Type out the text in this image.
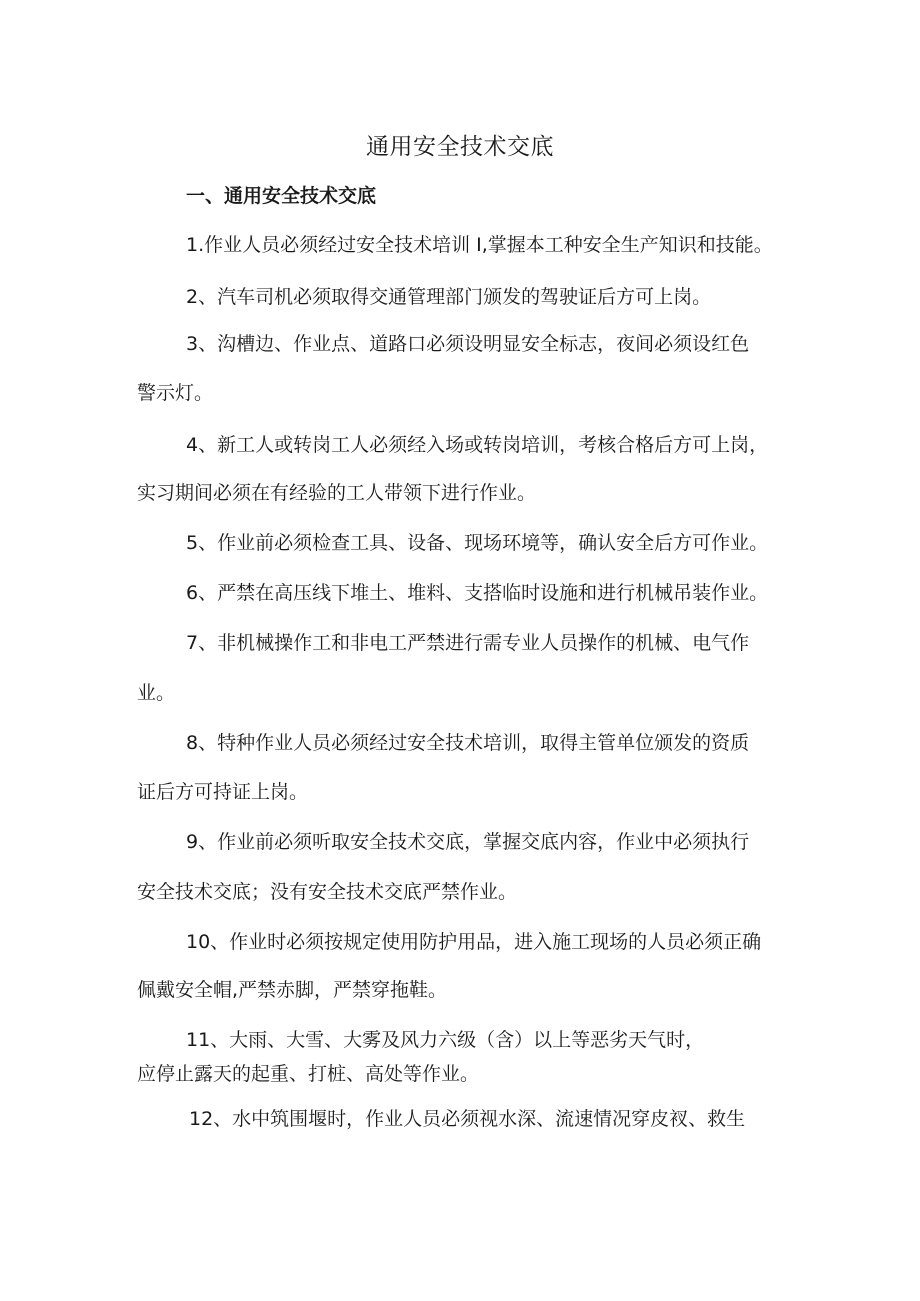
通用安全技术交底
一、通用安全技术交底
1.作业人员必须经过安全技术培训 I,掌握本工种安全生产知识和技能。
2、汽车司机必须取得交通管理部门颁发的驾驶证后方可上岗。
3、沟槽边、作业点、道路口必须设明显安全标志，夜间必须设红色
警示灯。
4、新工人或转岗工人必须经入场或转岗培训，考核合格后方可上岗，
实习期间必须在有经验的工人带领下进行作业。
5、作业前必须检查工具、设备、现场环境等，确认安全后方可作业。
6、严禁在高压线下堆土、堆料、支搭临时设施和进行机械吊装作业。
7、非机械操作工和非电工严禁进行需专业人员操作的机械、电气作
业。
8、特种作业人员必须经过安全技术培训，取得主管单位颁发的资质
证后方可持证上岗。
9、作业前必须听取安全技术交底，掌握交底内容，作业中必须执行
安全技术交底；没有安全技术交底严禁作业。
10、作业时必须按规定使用防护用品，进入施工现场的人员必须正确
佩戴安全帽,严禁赤脚，严禁穿拖鞋。
11、大雨、大雪、大雾及风力六级（含）以上等恶劣天气时，
应停止露天的起重、打桩、高处等作业。
12、水中筑围堰时，作业人员必须视水深、流速情况穿皮衩、救生
